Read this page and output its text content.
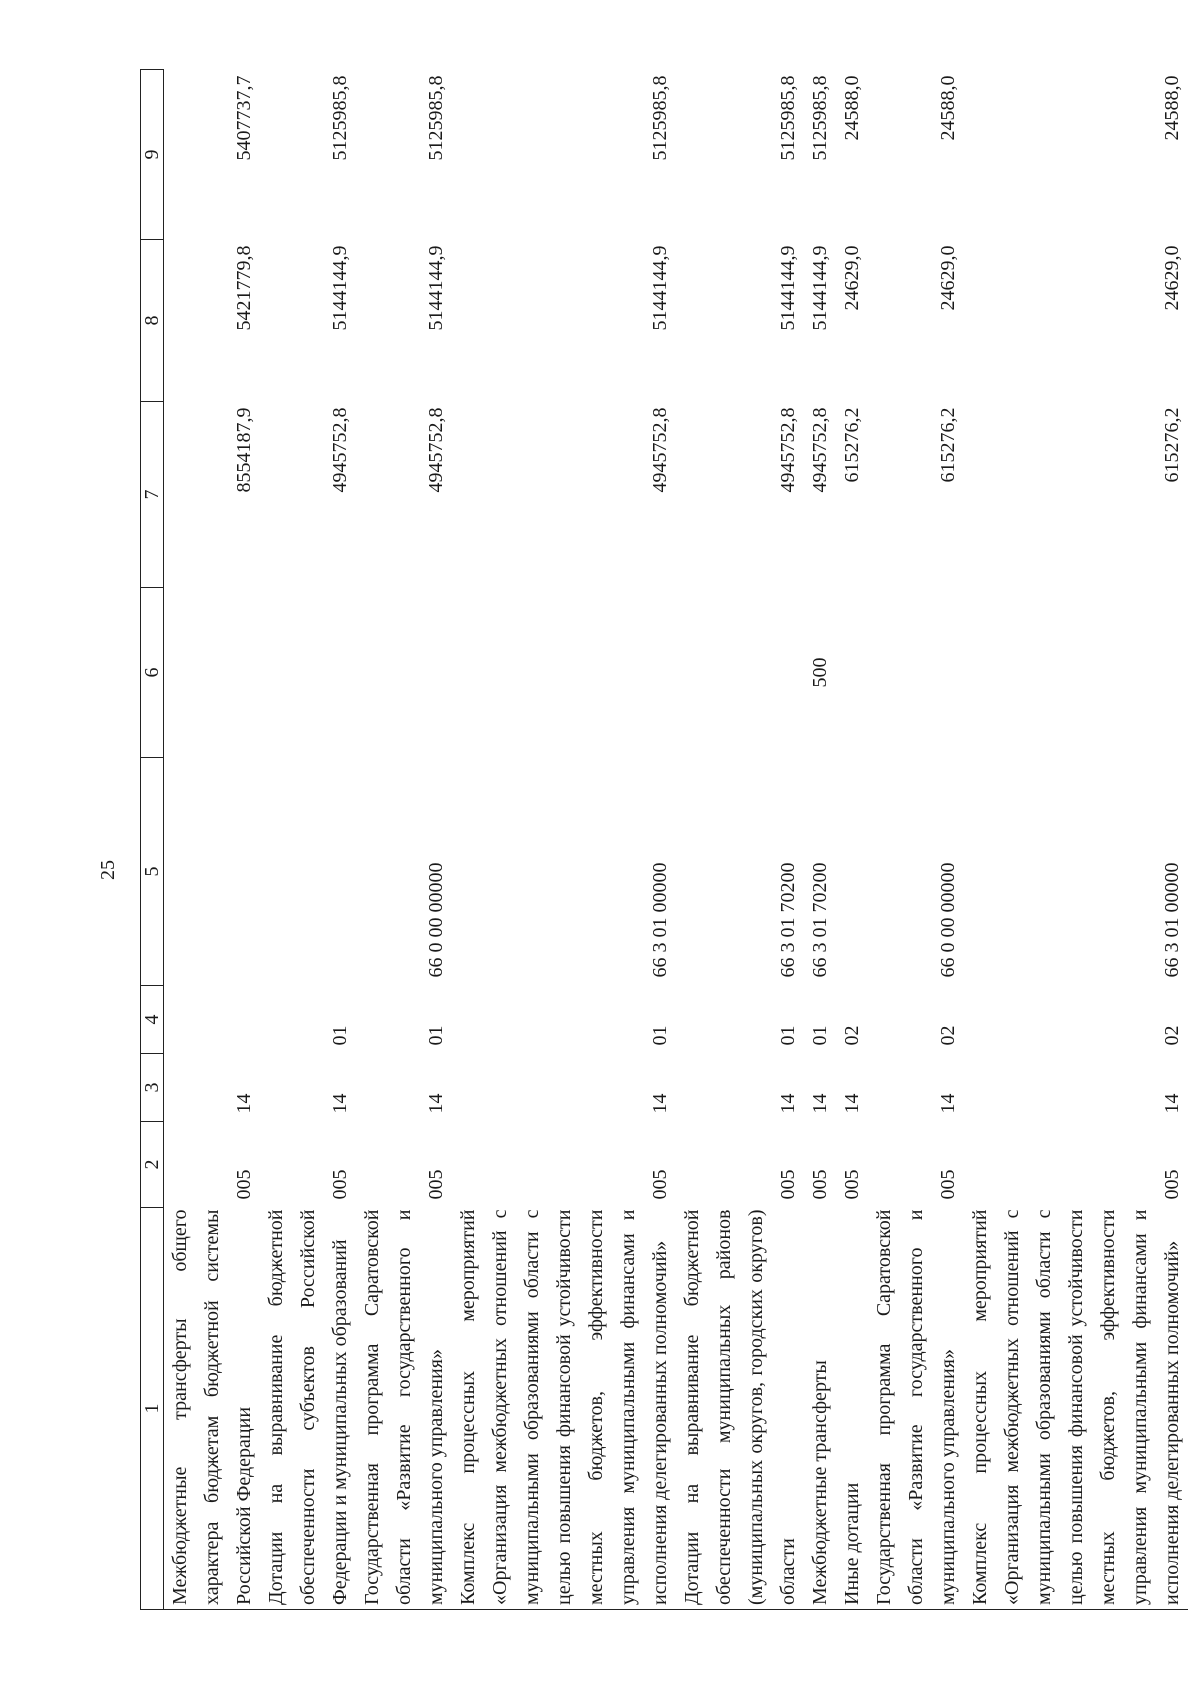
25
1	2	3	4	5	6	7	8	9
Межбюджетные трансферты общего характера бюджетам бюджетной системы Российской Федерации	005	14				8554187,9	5421779,8	5407737,7
Дотации на выравнивание бюджетной обеспеченности субъектов Российской Федерации и муниципальных образований	005	14	01			4945752,8	5144144,9	5125985,8
Государственная программа Саратовской области «Развитие государственного и муниципального управления»	005	14	01	66 0 00 00000		4945752,8	5144144,9	5125985,8
Комплекс процессных мероприятий «Организация межбюджетных отношений с муниципальными образованиями области с целью повышения финансовой устойчивости местных бюджетов, эффективности управления муниципальными финансами и исполнения делегированных полномочий»	005	14	01	66 3 01 00000		4945752,8	5144144,9	5125985,8
Дотации на выравнивание бюджетной обеспеченности муниципальных районов (муниципальных округов, городских округов) области	005	14	01	66 3 01 70200		4945752,8	5144144,9	5125985,8
Межбюджетные трансферты	005	14	01	66 3 01 70200	500	4945752,8	5144144,9	5125985,8
Иные дотации	005	14	02			615276,2	24629,0	24588,0
Государственная программа Саратовской области «Развитие государственного и муниципального управления»	005	14	02	66 0 00 00000		615276,2	24629,0	24588,0
Комплекс процессных мероприятий «Организация межбюджетных отношений с муниципальными образованиями области с целью повышения финансовой устойчивости местных бюджетов, эффективности управления муниципальными финансами и исполнения делегированных полномочий»	005	14	02	66 3 01 00000		615276,2	24629,0	24588,0
